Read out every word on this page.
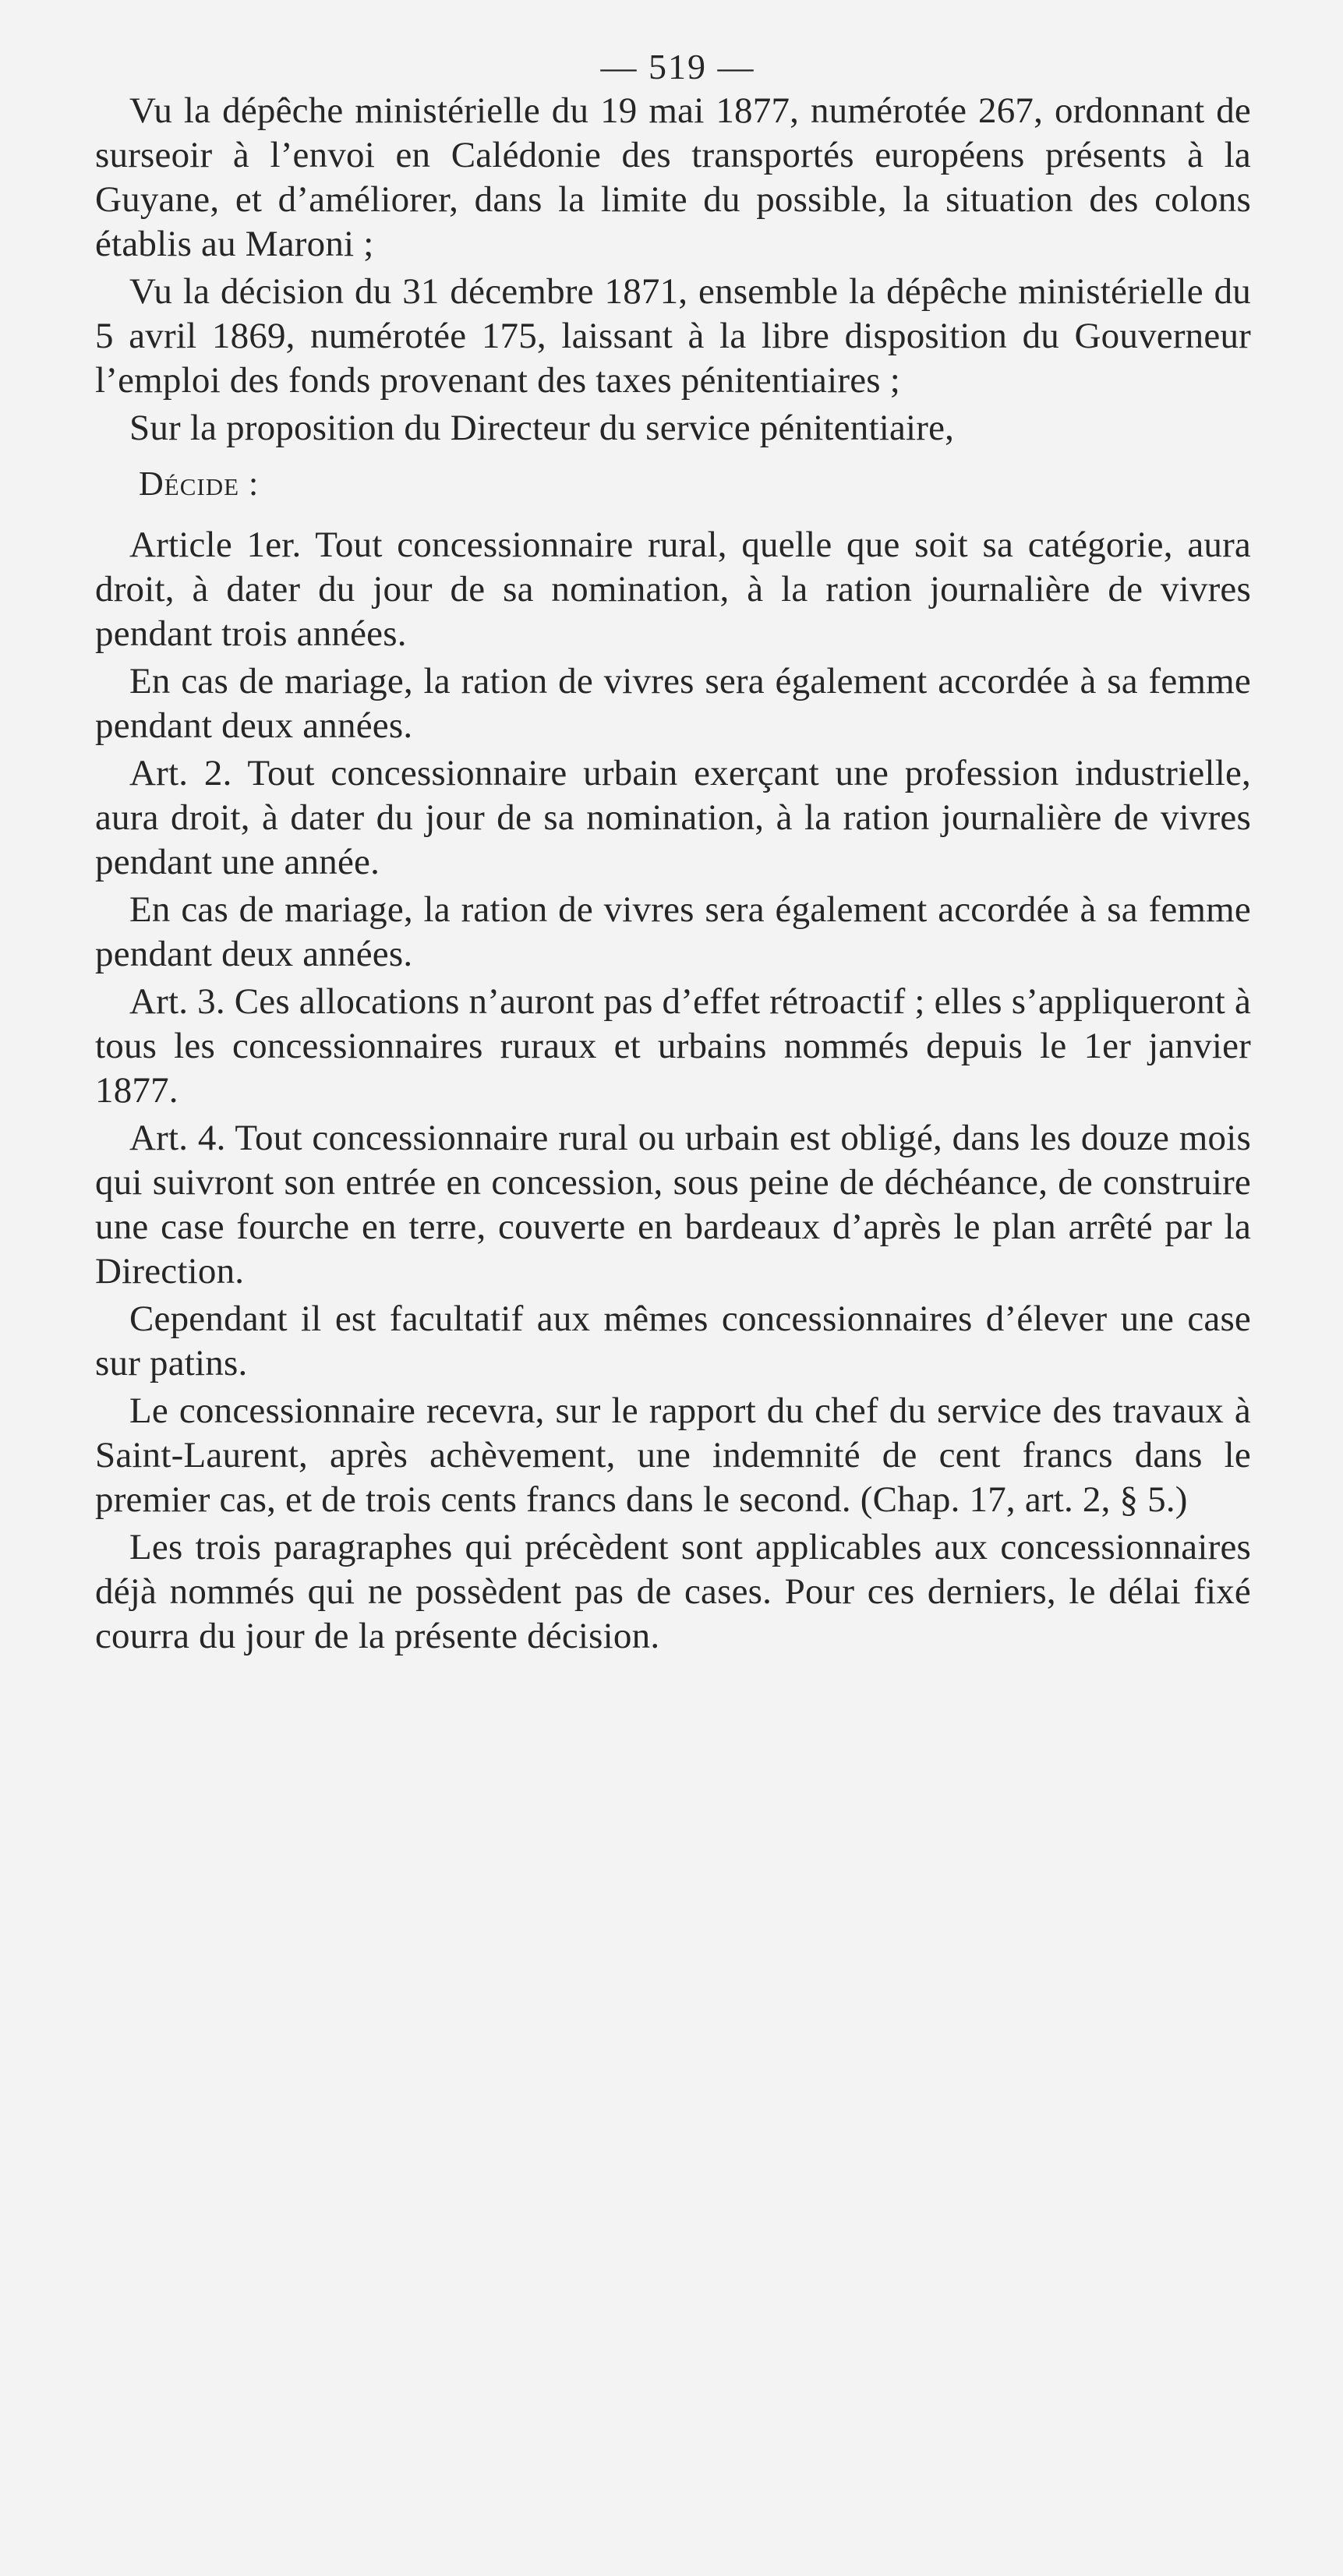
— 519 —

Vu la dépêche ministérielle du 19 mai 1877, numérotée 267, ordonnant de surseoir à l’envoi en Calédonie des transportés européens présents à la Guyane, et d’améliorer, dans la limite du possible, la situation des colons établis au Maroni ;

Vu la décision du 31 décembre 1871, ensemble la dépêche ministérielle du 5 avril 1869, numérotée 175, laissant à la libre disposition du Gouverneur l’emploi des fonds provenant des taxes pénitentiaires ;

Sur la proposition du Directeur du service pénitentiaire,

Décide :

Article 1er. Tout concessionnaire rural, quelle que soit sa catégorie, aura droit, à dater du jour de sa nomination, à la ration journalière de vivres pendant trois années.

En cas de mariage, la ration de vivres sera également accordée à sa femme pendant deux années.

Art. 2. Tout concessionnaire urbain exerçant une profession industrielle, aura droit, à dater du jour de sa nomination, à la ration journalière de vivres pendant une année.

En cas de mariage, la ration de vivres sera également accordée à sa femme pendant deux années.

Art. 3. Ces allocations n’auront pas d’effet rétroactif ; elles s’appliqueront à tous les concessionnaires ruraux et urbains nommés depuis le 1er janvier 1877.

Art. 4. Tout concessionnaire rural ou urbain est obligé, dans les douze mois qui suivront son entrée en concession, sous peine de déchéance, de construire une case fourche en terre, couverte en bardeaux d’après le plan arrêté par la Direction.

Cependant il est facultatif aux mêmes concessionnaires d’élever une case sur patins.

Le concessionnaire recevra, sur le rapport du chef du service des travaux à Saint-Laurent, après achèvement, une indemnité de cent francs dans le premier cas, et de trois cents francs dans le second. (Chap. 17, art. 2, § 5.)

Les trois paragraphes qui précèdent sont applicables aux concessionnaires déjà nommés qui ne possèdent pas de cases. Pour ces derniers, le délai fixé courra du jour de la présente décision.
